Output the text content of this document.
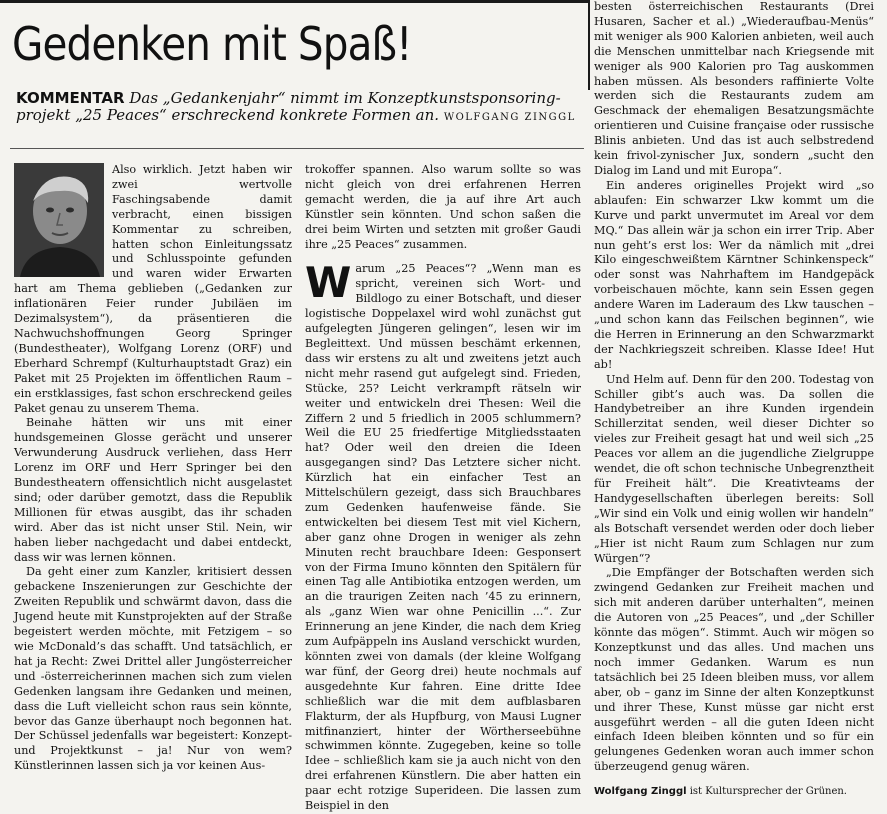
Gedenken mit Spaß!
KOMMENTAR Das „Gedankenjahr“ nimmt im Konzeptkunstsponsoring-projekt „25 Peaces“ erschreckend konkrete Formen an. WOLFGANG ZINGGL

Also wirklich. Jetzt haben wir zwei wertvolle Faschingsabende damit verbracht, einen bissigen Kommentar zu schreiben, hatten schon Einleitungssatz und Schlusspointe gefunden und waren wider Erwarten hart am Thema geblieben („Gedanken zur inflationären Feier runder Jubiläen im Dezimalsystem“), da präsentieren die Nachwuchshoffnungen Georg Springer (Bundestheater), Wolfgang Lorenz (ORF) und Eberhard Schrempf (Kulturhauptstadt Graz) ein Paket mit 25 Projekten im öffentlichen Raum – ein erstklassiges, fast schon erschreckend geiles Paket genau zu unserem Thema.

Beinahe hätten wir uns mit einer hundsgemeinen Glosse gerächt und unserer Verwunderung Ausdruck verliehen, dass Herr Lorenz im ORF und Herr Springer bei den Bundestheatern offensichtlich nicht ausgelastet sind; oder darüber gemotzt, dass die Republik Millionen für etwas ausgibt, das ihr schaden wird. Aber das ist nicht unser Stil. Nein, wir haben lieber nachgedacht und dabei entdeckt, dass wir was lernen können.

Da geht einer zum Kanzler, kritisiert dessen gebackene Inszenierungen zur Geschichte der Zweiten Republik und schwärmt davon, dass die Jugend heute mit Kunstprojekten auf der Straße begeistert werden möchte, mit Fetzigem – so wie McDonald’s das schafft. Und tatsächlich, er hat ja Recht: Zwei Drittel aller Jungösterreicher und -österreicherinnen machen sich zum vielen Gedenken langsam ihre Gedanken und meinen, dass die Luft vielleicht schon raus sein könnte, bevor das Ganze überhaupt noch begonnen hat. Der Schüssel jedenfalls war begeistert: Konzept- und Projektkunst – ja! Nur von wem? Künstlerinnen lassen sich ja vor keinen Aus-

trokoffer spannen. Also warum sollte so was nicht gleich von drei erfahrenen Herren gemacht werden, die ja auf ihre Art auch Künstler sein könnten. Und schon saßen die drei beim Wirten und setzten mit großer Gaudi ihre „25 Peaces“ zusammen.

Warum „25 Peaces“? „Wenn man es spricht, vereinen sich Wort- und Bildlogo zu einer Botschaft, und dieser logistische Doppelaxel wird wohl zunächst gut aufgelegten Jüngeren gelingen“, lesen wir im Begleittext. Und müssen beschämt erkennen, dass wir erstens zu alt und zweitens jetzt auch nicht mehr rasend gut aufgelegt sind. Frieden, Stücke, 25? Leicht verkrampft rätseln wir weiter und entwickeln drei Thesen: Weil die Ziffern 2 und 5 friedlich in 2005 schlummern? Weil die EU 25 friedfertige Mitgliedsstaaten hat? Oder weil den dreien die Ideen ausgegangen sind? Das Letztere sicher nicht. Kürzlich hat ein einfacher Test an Mittelschülern gezeigt, dass sich Brauchbares zum Gedenken haufenweise fände. Sie entwickelten bei diesem Test mit viel Kichern, aber ganz ohne Drogen in weniger als zehn Minuten recht brauchbare Ideen: Gesponsert von der Firma Imuno könnten den Spitälern für einen Tag alle Antibiotika entzogen werden, um an die traurigen Zeiten nach ’45 zu erinnern, als „ganz Wien war ohne Penicillin ...“. Zur Erinnerung an jene Kinder, die nach dem Krieg zum Aufpäppeln ins Ausland verschickt wurden, könnten zwei von damals (der kleine Wolfgang war fünf, der Georg drei) heute nochmals auf ausgedehnte Kur fahren. Eine dritte Idee schließlich war die mit dem aufblasbaren Flakturm, der als Hupfburg, von Mausi Lugner mitfinanziert, hinter der Wörtherseebühne schwimmen könnte. Zugegeben, keine so tolle Idee – schließlich kam sie ja auch nicht von den drei erfahrenen Künstlern. Die aber hatten ein paar echt rotzige Superideen. Die lassen zum Beispiel in den

besten österreichischen Restaurants (Drei Husaren, Sacher et al.) „Wiederaufbau-Menüs“ mit weniger als 900 Kalorien anbieten, weil auch die Menschen unmittelbar nach Kriegsende mit weniger als 900 Kalorien pro Tag auskommen haben müssen. Als besonders raffinierte Volte werden sich die Restaurants zudem am Geschmack der ehemaligen Besatzungsmächte orientieren und Cuisine française oder russische Blinis anbieten. Und das ist auch selbstredend kein frivol-zynischer Jux, sondern „sucht den Dialog im Land und mit Europa“.

Ein anderes originelles Projekt wird „so ablaufen: Ein schwarzer Lkw kommt um die Kurve und parkt unvermutet im Areal vor dem MQ.“ Das allein wär ja schon ein irrer Trip. Aber nun geht’s erst los: Wer da nämlich mit „drei Kilo eingeschweißtem Kärntner Schinkenspeck“ oder sonst was Nahrhaftem im Handgepäck vorbeischauen möchte, kann sein Essen gegen andere Waren im Laderaum des Lkw tauschen – „und schon kann das Feilschen beginnen“, wie die Herren in Erinnerung an den Schwarzmarkt der Nachkriegszeit schreiben. Klasse Idee! Hut ab!

Und Helm auf. Denn für den 200. Todestag von Schiller gibt’s auch was. Da sollen die Handybetreiber an ihre Kunden irgendein Schillerzitat senden, weil dieser Dichter so vieles zur Freiheit gesagt hat und weil sich „25 Peaces vor allem an die jugendliche Zielgruppe wendet, die oft schon technische Unbegrenztheit für Freiheit hält“. Die Kreativteams der Handygesellschaften überlegen bereits: Soll „Wir sind ein Volk und einig wollen wir handeln“ als Botschaft versendet werden oder doch lieber „Hier ist nicht Raum zum Schlagen nur zum Würgen“?

„Die Empfänger der Botschaften werden sich zwingend Gedanken zur Freiheit machen und sich mit anderen darüber unterhalten“, meinen die Autoren von „25 Peaces“, und „der Schiller könnte das mögen“. Stimmt. Auch wir mögen so Konzeptkunst und das alles. Und machen uns noch immer Gedanken. Warum es nun tatsächlich bei 25 Ideen bleiben muss, vor allem aber, ob – ganz im Sinne der alten Konzeptkunst und ihrer These, Kunst müsse gar nicht erst ausgeführt werden – all die guten Ideen nicht einfach Ideen bleiben könnten und so für ein gelungenes Gedenken woran auch immer schon überzeugend genug wären.

Wolfgang Zinggl ist Kultursprecher der Grünen.
